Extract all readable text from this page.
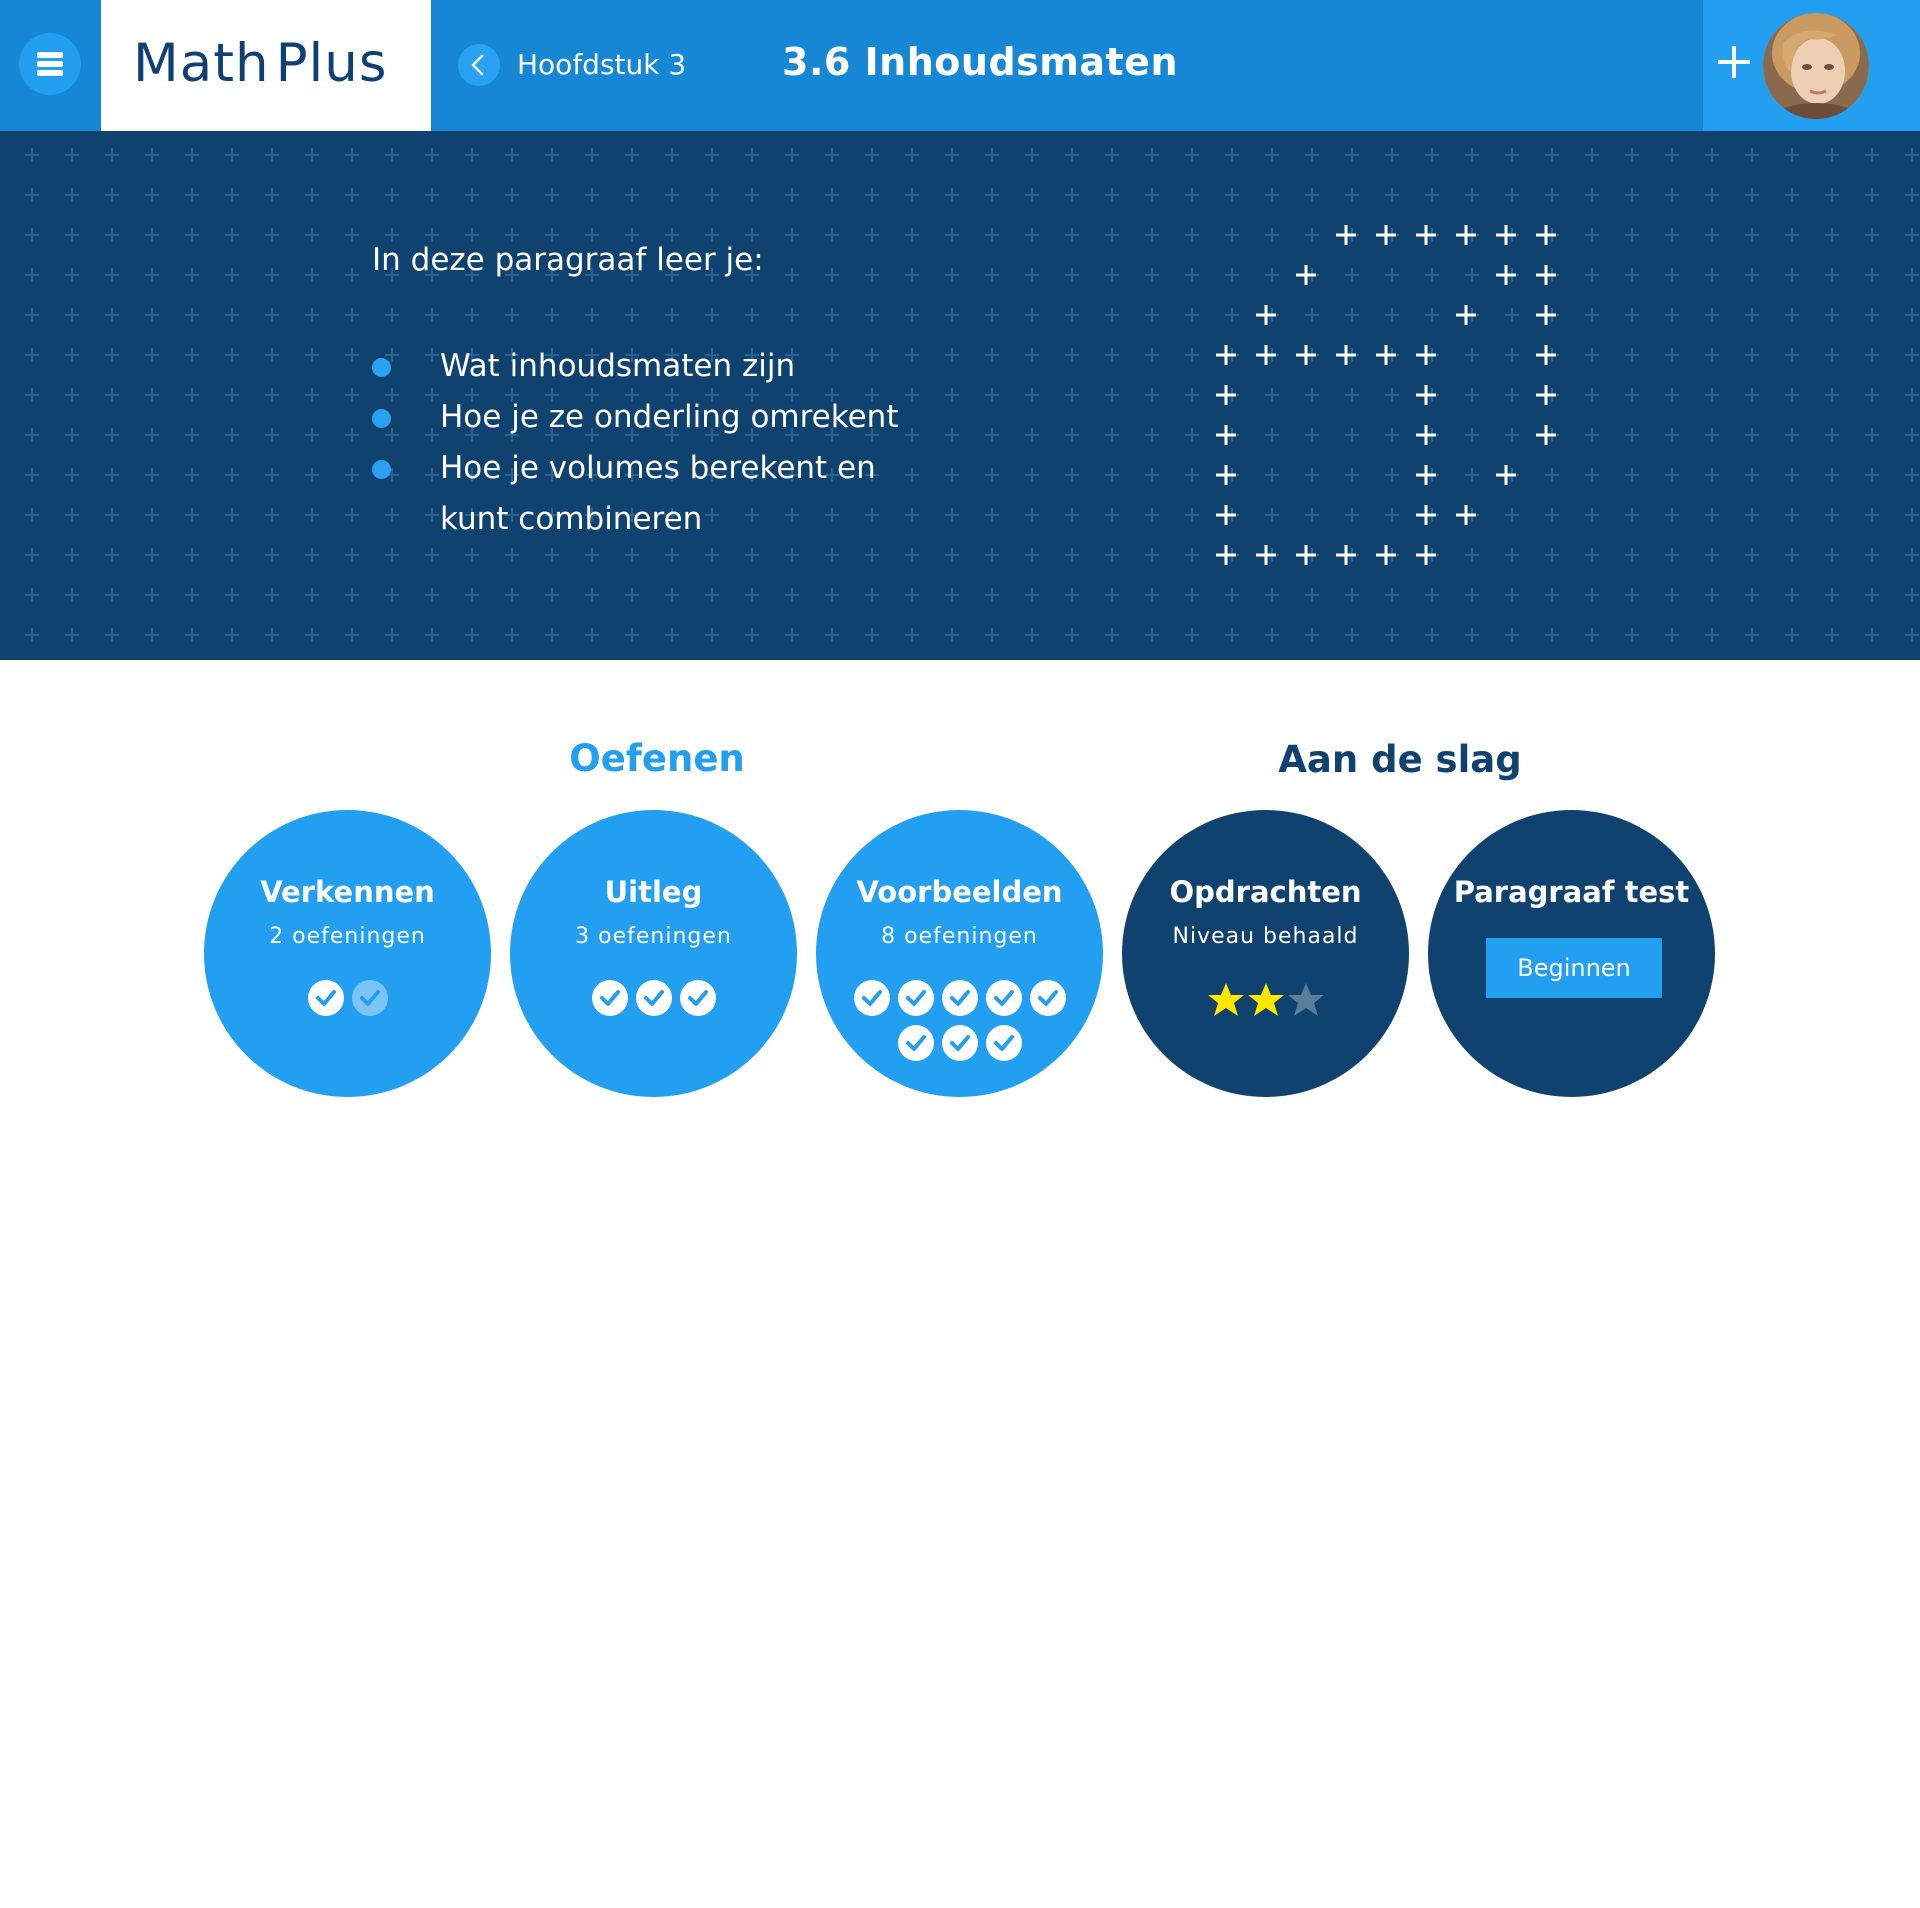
Math Plus	Hoofdstuk 3	3.6 Inhoudsmaten
In deze paragraaf leer je:
Wat inhoudsmaten zijn
Hoe je ze onderling omrekent
Hoe je volumes berekent en
kunt combineren
Oefenen	Aan de slag
Verkennen
2 oefeningen
Uitleg
3 oefeningen
Voorbeelden
8 oefeningen
Opdrachten
Niveau behaald
Paragraaf test
Beginnen
